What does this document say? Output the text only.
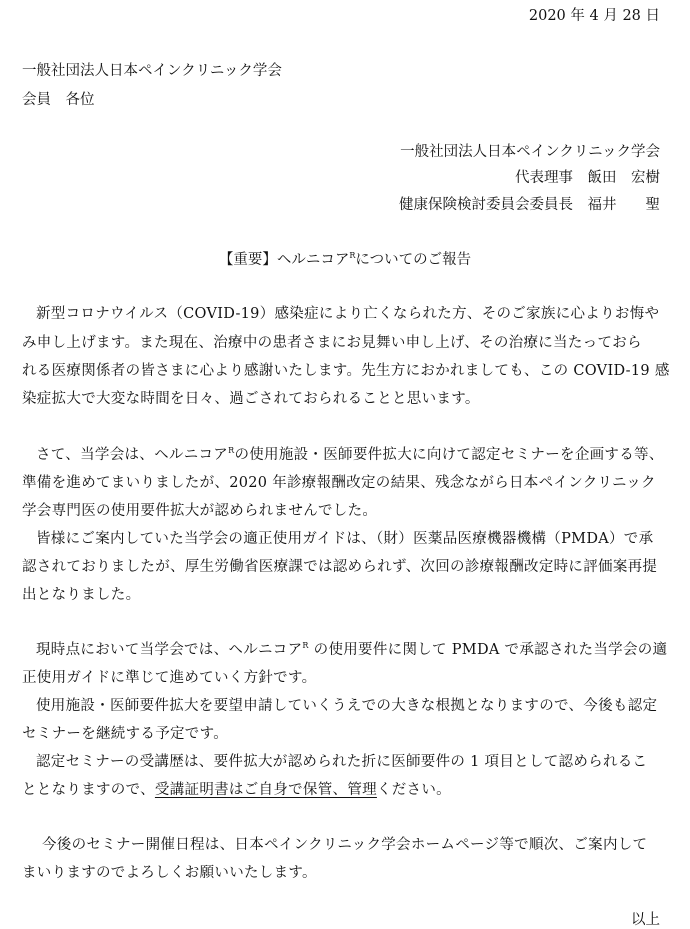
2020 年 4 月 28 日
一般社団法人日本ペインクリニック学会
会員　各位
一般社団法人日本ペインクリニック学会
代表理事　飯田　宏樹
健康保険検討委員会委員長　福井　　聖
【重要】ヘルニコア$^R$についてのご報告
新型コロナウイルス（COVID-19）感染症により亡くなられた方、そのご家族に心よりお悔や
み申し上げます。また現在、治療中の患者さまにお見舞い申し上げ、その治療に当たっておら
れる医療関係者の皆さまに心より感謝いたします。先生方におかれましても、この COVID-19 感
染症拡大で大変な時間を日々、過ごされておられることと思います。
さて、当学会は、ヘルニコア$^R$の使用施設・医師要件拡大に向けて認定セミナーを企画する等、
準備を進めてまいりましたが、2020 年診療報酬改定の結果、残念ながら日本ペインクリニック
学会専門医の使用要件拡大が認められませんでした。
皆様にご案内していた当学会の適正使用ガイドは、（財）医薬品医療機器機構（PMDA）で承
認されておりましたが、厚生労働省医療課では認められず、次回の診療報酬改定時に評価案再提
出となりました。
現時点において当学会では、ヘルニコア$^R$ の使用要件に関して PMDA で承認された当学会の適
正使用ガイドに準じて進めていく方針です。
使用施設・医師要件拡大を要望申請していくうえでの大きな根拠となりますので、今後も認定
セミナーを継続する予定です。
認定セミナーの受講歴は、要件拡大が認められた折に医師要件の 1 項目として認められるこ
ととなりますので、受講証明書はご自身で保管、管理ください。
今後のセミナー開催日程は、日本ペインクリニック学会ホームページ等で順次、ご案内して
まいりますのでよろしくお願いいたします。
以上
